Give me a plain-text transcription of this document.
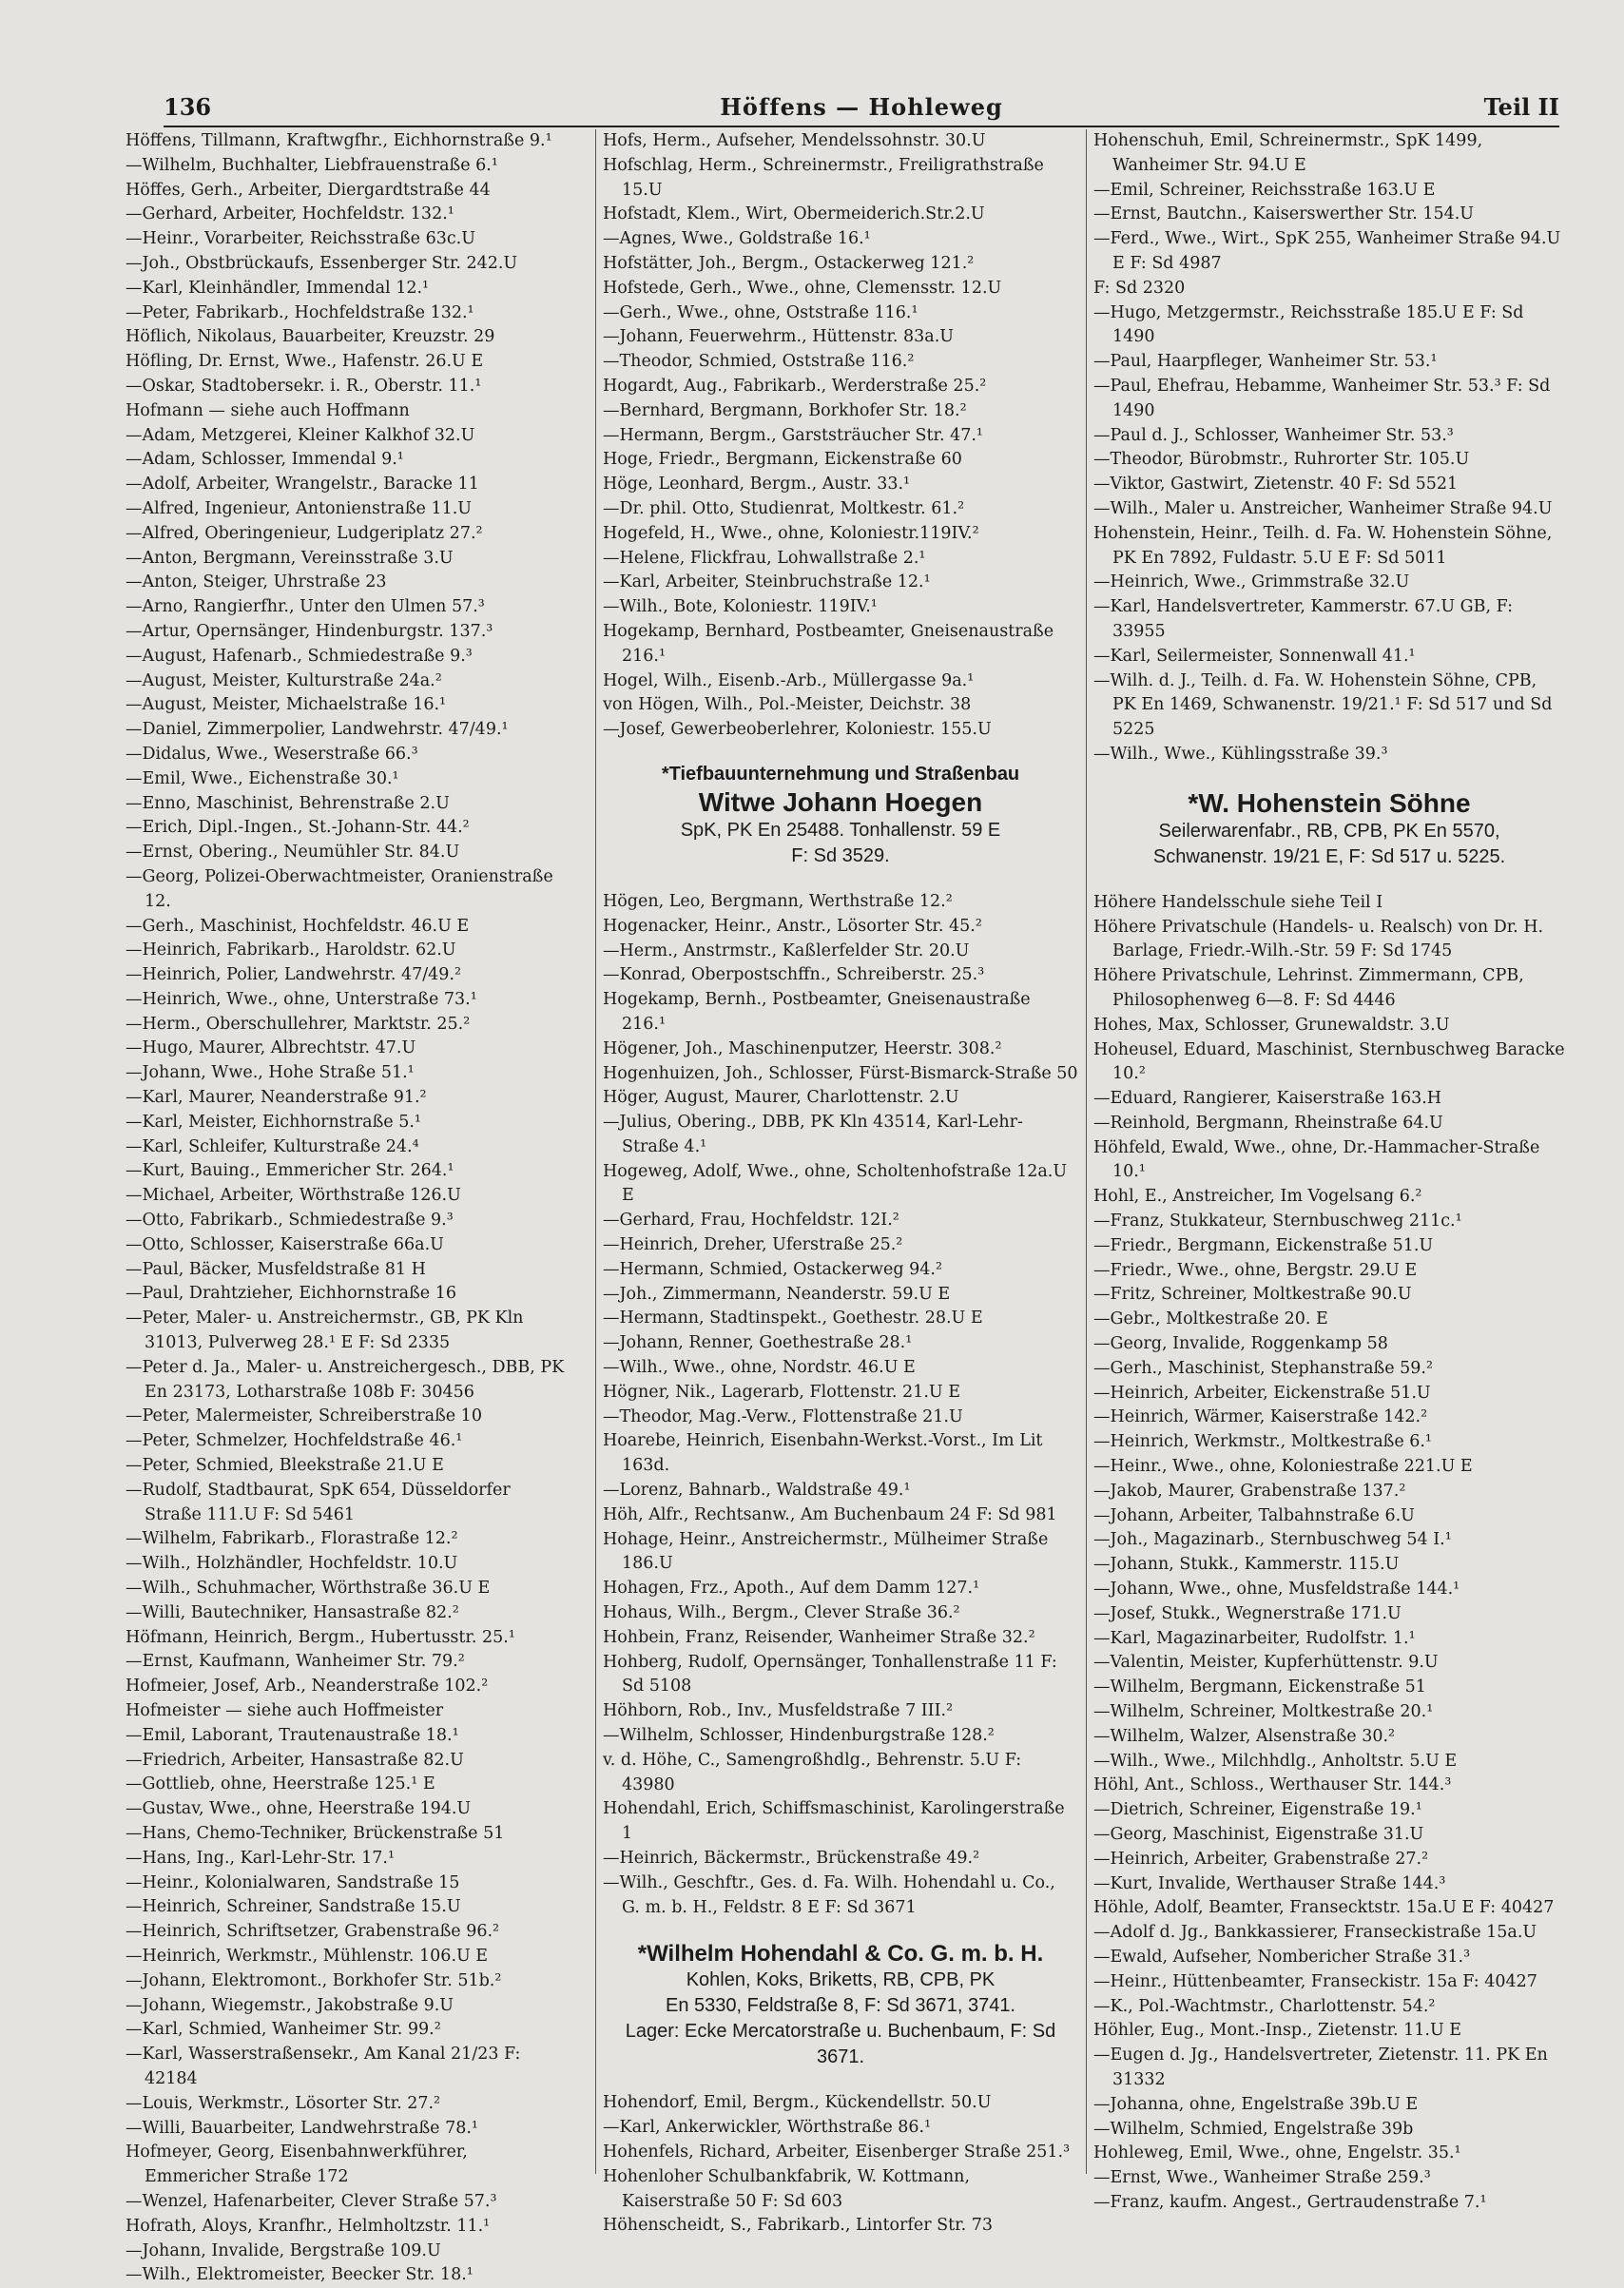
136	Höffens — Hohleweg	Teil II

Höffens, Tillmann, Kraftwgfhr., Eichhornstraße 9.¹

—Wilhelm, Buchhalter, Liebfrauenstraße 6.¹

Höffes, Gerh., Arbeiter, Diergardtstraße 44

—Gerhard, Arbeiter, Hochfeldstr. 132.¹

—Heinr., Vorarbeiter, Reichsstraße 63c.U

—Joh., Obstbrückaufs, Essenberger Str. 242.U

—Karl, Kleinhändler, Immendal 12.¹

—Peter, Fabrikarb., Hochfeldstraße 132.¹

Höflich, Nikolaus, Bauarbeiter, Kreuzstr. 29

Höfling, Dr. Ernst, Wwe., Hafenstr. 26.U E

—Oskar, Stadtobersekr. i. R., Oberstr. 11.¹

Hofmann — siehe auch Hoffmann

—Adam, Metzgerei, Kleiner Kalkhof 32.U

—Adam, Schlosser, Immendal 9.¹

—Adolf, Arbeiter, Wrangelstr., Baracke 11

—Alfred, Ingenieur, Antonienstraße 11.U

—Alfred, Oberingenieur, Ludgeriplatz 27.²

—Anton, Bergmann, Vereinsstraße 3.U

—Anton, Steiger, Uhrstraße 23

—Arno, Rangierfhr., Unter den Ulmen 57.³

—Artur, Opernsänger, Hindenburgstr. 137.³

—August, Hafenarb., Schmiedestraße 9.³

—August, Meister, Kulturstraße 24a.²

—August, Meister, Michaelstraße 16.¹

—Daniel, Zimmerpolier, Landwehrstr. 47/49.¹

—Didalus, Wwe., Weserstraße 66.³

—Emil, Wwe., Eichenstraße 30.¹

—Enno, Maschinist, Behrenstraße 2.U

—Erich, Dipl.-Ingen., St.-Johann-Str. 44.²

—Ernst, Obering., Neumühler Str. 84.U

—Georg, Polizei-Oberwachtmeister, Oranienstraße 12.

—Gerh., Maschinist, Hochfeldstr. 46.U E

—Heinrich, Fabrikarb., Haroldstr. 62.U

—Heinrich, Polier, Landwehrstr. 47/49.²

—Heinrich, Wwe., ohne, Unterstraße 73.¹

—Herm., Oberschullehrer, Marktstr. 25.²

—Hugo, Maurer, Albrechtstr. 47.U

—Johann, Wwe., Hohe Straße 51.¹

—Karl, Maurer, Neanderstraße 91.²

—Karl, Meister, Eichhornstraße 5.¹

—Karl, Schleifer, Kulturstraße 24.⁴

—Kurt, Bauing., Emmericher Str. 264.¹

—Michael, Arbeiter, Wörthstraße 126.U

—Otto, Fabrikarb., Schmiedestraße 9.³

—Otto, Schlosser, Kaiserstraße 66a.U

—Paul, Bäcker, Musfeldstraße 81 H

—Paul, Drahtzieher, Eichhornstraße 16

—Peter, Maler- u. Anstreichermstr., GB, PK Kln 31013, Pulverweg 28.¹ E F: Sd 2335

—Peter d. Ja., Maler- u. Anstreichergesch., DBB, PK En 23173, Lotharstraße 108b F: 30456

—Peter, Malermeister, Schreiberstraße 10

—Peter, Schmelzer, Hochfeldstraße 46.¹

—Peter, Schmied, Bleekstraße 21.U E

—Rudolf, Stadtbaurat, SpK 654, Düsseldorfer Straße 111.U F: Sd 5461

—Wilhelm, Fabrikarb., Florastraße 12.²

—Wilh., Holzhändler, Hochfeldstr. 10.U

—Wilh., Schuhmacher, Wörthstraße 36.U E

—Willi, Bautechniker, Hansastraße 82.²

Höfmann, Heinrich, Bergm., Hubertusstr. 25.¹

—Ernst, Kaufmann, Wanheimer Str. 79.²

Hofmeier, Josef, Arb., Neanderstraße 102.²

Hofmeister — siehe auch Hoffmeister

—Emil, Laborant, Trautenaustraße 18.¹

—Friedrich, Arbeiter, Hansastraße 82.U

—Gottlieb, ohne, Heerstraße 125.¹ E

—Gustav, Wwe., ohne, Heerstraße 194.U

—Hans, Chemo-Techniker, Brückenstraße 51

—Hans, Ing., Karl-Lehr-Str. 17.¹

—Heinr., Kolonialwaren, Sandstraße 15

—Heinrich, Schreiner, Sandstraße 15.U

—Heinrich, Schriftsetzer, Grabenstraße 96.²

—Heinrich, Werkmstr., Mühlenstr. 106.U E

—Johann, Elektromont., Borkhofer Str. 51b.²

—Johann, Wiegemstr., Jakobstraße 9.U

—Karl, Schmied, Wanheimer Str. 99.²

—Karl, Wasserstraßensekr., Am Kanal 21/23 F: 42184

—Louis, Werkmstr., Lösorter Str. 27.²

—Willi, Bauarbeiter, Landwehrstraße 78.¹

Hofmeyer, Georg, Eisenbahnwerkführer, Emmericher Straße 172

—Wenzel, Hafenarbeiter, Clever Straße 57.³

Hofrath, Aloys, Kranfhr., Helmholtzstr. 11.¹

—Johann, Invalide, Bergstraße 109.U

—Wilh., Elektromeister, Beecker Str. 18.¹

Hofs, Herm., Aufseher, Mendelssohnstr. 30.U

Hofschlag, Herm., Schreinermstr., Freiligrathstraße 15.U

Hofstadt, Klem., Wirt, Obermeiderich.Str.2.U

—Agnes, Wwe., Goldstraße 16.¹

Hofstätter, Joh., Bergm., Ostackerweg 121.²

Hofstede, Gerh., Wwe., ohne, Clemensstr. 12.U

—Gerh., Wwe., ohne, Oststraße 116.¹

—Johann, Feuerwehrm., Hüttenstr. 83a.U

—Theodor, Schmied, Oststraße 116.²

Hogardt, Aug., Fabrikarb., Werderstraße 25.²

—Bernhard, Bergmann, Borkhofer Str. 18.²

—Hermann, Bergm., Garststräucher Str. 47.¹

Hoge, Friedr., Bergmann, Eickenstraße 60

Höge, Leonhard, Bergm., Austr. 33.¹

—Dr. phil. Otto, Studienrat, Moltkestr. 61.²

Hogefeld, H., Wwe., ohne, Koloniestr.119IV.²

—Helene, Flickfrau, Lohwallstraße 2.¹

—Karl, Arbeiter, Steinbruchstraße 12.¹

—Wilh., Bote, Koloniestr. 119IV.¹

Hogekamp, Bernhard, Postbeamter, Gneisenaustraße 216.¹

Hogel, Wilh., Eisenb.-Arb., Müllergasse 9a.¹

von Högen, Wilh., Pol.-Meister, Deichstr. 38

—Josef, Gewerbeoberlehrer, Koloniestr. 155.U

*Tiefbauunternehmung und Straßenbau
Witwe Johann Hoegen
SpK, PK En 25488. Tonhallenstr. 59 E
F: Sd 3529.

Högen, Leo, Bergmann, Werthstraße 12.²

Hogenacker, Heinr., Anstr., Lösorter Str. 45.²

—Herm., Anstrmstr., Kaßlerfelder Str. 20.U

—Konrad, Oberpostschffn., Schreiberstr. 25.³

Hogekamp, Bernh., Postbeamter, Gneisenaustraße 216.¹

Högener, Joh., Maschinenputzer, Heerstr. 308.²

Hogenhuizen, Joh., Schlosser, Fürst-Bismarck-Straße 50

Höger, August, Maurer, Charlottenstr. 2.U

—Julius, Obering., DBB, PK Kln 43514, Karl-Lehr-Straße 4.¹

Hogeweg, Adolf, Wwe., ohne, Scholtenhofstraße 12a.U E

—Gerhard, Frau, Hochfeldstr. 12I.²

—Heinrich, Dreher, Uferstraße 25.²

—Hermann, Schmied, Ostackerweg 94.²

—Joh., Zimmermann, Neanderstr. 59.U E

—Hermann, Stadtinspekt., Goethestr. 28.U E

—Johann, Renner, Goethestraße 28.¹

—Wilh., Wwe., ohne, Nordstr. 46.U E

Högner, Nik., Lagerarb, Flottenstr. 21.U E

—Theodor, Mag.-Verw., Flottenstraße 21.U

Hoarebe, Heinrich, Eisenbahn-Werkst.-Vorst., Im Lit 163d.

—Lorenz, Bahnarb., Waldstraße 49.¹

Höh, Alfr., Rechtsanw., Am Buchenbaum 24 F: Sd 981

Hohage, Heinr., Anstreichermstr., Mülheimer Straße 186.U

Hohagen, Frz., Apoth., Auf dem Damm 127.¹

Hohaus, Wilh., Bergm., Clever Straße 36.²

Hohbein, Franz, Reisender, Wanheimer Straße 32.²

Hohberg, Rudolf, Opernsänger, Tonhallenstraße 11 F: Sd 5108

Höhborn, Rob., Inv., Musfeldstraße 7 III.²

—Wilhelm, Schlosser, Hindenburgstraße 128.²

v. d. Höhe, C., Samengroßhdlg., Behrenstr. 5.U F: 43980

Hohendahl, Erich, Schiffsmaschinist, Karolingerstraße 1

—Heinrich, Bäckermstr., Brückenstraße 49.²

—Wilh., Geschftr., Ges. d. Fa. Wilh. Hohendahl u. Co., G. m. b. H., Feldstr. 8 E F: Sd 3671

*Wilhelm Hohendahl & Co. G. m. b. H.
Kohlen, Koks, Briketts, RB, CPB, PK
En 5330, Feldstraße 8, F: Sd 3671, 3741.
Lager: Ecke Mercatorstraße u. Buchenbaum, F: Sd 3671.

Hohendorf, Emil, Bergm., Kückendellstr. 50.U

—Karl, Ankerwickler, Wörthstraße 86.¹

Hohenfels, Richard, Arbeiter, Eisenberger Straße 251.³

Hohenloher Schulbankfabrik, W. Kottmann, Kaiserstraße 50 F: Sd 603

Höhenscheidt, S., Fabrikarb., Lintorfer Str. 73

Hohenschuh, Emil, Schreinermstr., SpK 1499, Wanheimer Str. 94.U E

—Emil, Schreiner, Reichsstraße 163.U E

—Ernst, Bautchn., Kaiserswerther Str. 154.U

—Ferd., Wwe., Wirt., SpK 255, Wanheimer Straße 94.U E F: Sd 4987

F: Sd 2320

—Hugo, Metzgermstr., Reichsstraße 185.U E F: Sd 1490

—Paul, Haarpfleger, Wanheimer Str. 53.¹

—Paul, Ehefrau, Hebamme, Wanheimer Str. 53.³ F: Sd 1490

—Paul d. J., Schlosser, Wanheimer Str. 53.³

—Theodor, Bürobmstr., Ruhrorter Str. 105.U

—Viktor, Gastwirt, Zietenstr. 40 F: Sd 5521

—Wilh., Maler u. Anstreicher, Wanheimer Straße 94.U

Hohenstein, Heinr., Teilh. d. Fa. W. Hohenstein Söhne, PK En 7892, Fuldastr. 5.U E F: Sd 5011

—Heinrich, Wwe., Grimmstraße 32.U

—Karl, Handelsvertreter, Kammerstr. 67.U GB, F: 33955

—Karl, Seilermeister, Sonnenwall 41.¹

—Wilh. d. J., Teilh. d. Fa. W. Hohenstein Söhne, CPB, PK En 1469, Schwanenstr. 19/21.¹ F: Sd 517 und Sd 5225

—Wilh., Wwe., Kühlingsstraße 39.³

*W. Hohenstein Söhne
Seilerwarenfabr., RB, CPB, PK En 5570,
Schwanenstr. 19/21 E, F: Sd 517 u. 5225.

Höhere Handelsschule siehe Teil I

Höhere Privatschule (Handels- u. Realsch) von Dr. H. Barlage, Friedr.-Wilh.-Str. 59 F: Sd 1745

Höhere Privatschule, Lehrinst. Zimmermann, CPB, Philosophenweg 6—8. F: Sd 4446

Hohes, Max, Schlosser, Grunewaldstr. 3.U

Hoheusel, Eduard, Maschinist, Sternbuschweg Baracke 10.²

—Eduard, Rangierer, Kaiserstraße 163.H

—Reinhold, Bergmann, Rheinstraße 64.U

Höhfeld, Ewald, Wwe., ohne, Dr.-Hammacher-Straße 10.¹

Hohl, E., Anstreicher, Im Vogelsang 6.²

—Franz, Stukkateur, Sternbuschweg 211c.¹

—Friedr., Bergmann, Eickenstraße 51.U

—Friedr., Wwe., ohne, Bergstr. 29.U E

—Fritz, Schreiner, Moltkestraße 90.U

—Gebr., Moltkestraße 20. E

—Georg, Invalide, Roggenkamp 58

—Gerh., Maschinist, Stephanstraße 59.²

—Heinrich, Arbeiter, Eickenstraße 51.U

—Heinrich, Wärmer, Kaiserstraße 142.²

—Heinrich, Werkmstr., Moltkestraße 6.¹

—Heinr., Wwe., ohne, Koloniestraße 221.U E

—Jakob, Maurer, Grabenstraße 137.²

—Johann, Arbeiter, Talbahnstraße 6.U

—Joh., Magazinarb., Sternbuschweg 54 I.¹

—Johann, Stukk., Kammerstr. 115.U

—Johann, Wwe., ohne, Musfeldstraße 144.¹

—Josef, Stukk., Wegnerstraße 171.U

—Karl, Magazinarbeiter, Rudolfstr. 1.¹

—Valentin, Meister, Kupferhüttenstr. 9.U

—Wilhelm, Bergmann, Eickenstraße 51

—Wilhelm, Schreiner, Moltkestraße 20.¹

—Wilhelm, Walzer, Alsenstraße 30.²

—Wilh., Wwe., Milchhdlg., Anholtstr. 5.U E

Höhl, Ant., Schloss., Werthauser Str. 144.³

—Dietrich, Schreiner, Eigenstraße 19.¹

—Georg, Maschinist, Eigenstraße 31.U

—Heinrich, Arbeiter, Grabenstraße 27.²

—Kurt, Invalide, Werthauser Straße 144.³

Höhle, Adolf, Beamter, Fransecktstr. 15a.U E F: 40427

—Adolf d. Jg., Bankkassierer, Franseckistraße 15a.U

—Ewald, Aufseher, Nombericher Straße 31.³

—Heinr., Hüttenbeamter, Franseckistr. 15a F: 40427

—K., Pol.-Wachtmstr., Charlottenstr. 54.²

Höhler, Eug., Mont.-Insp., Zietenstr. 11.U E

—Eugen d. Jg., Handelsvertreter, Zietenstr. 11. PK En 31332

—Johanna, ohne, Engelstraße 39b.U E

—Wilhelm, Schmied, Engelstraße 39b

Hohleweg, Emil, Wwe., ohne, Engelstr. 35.¹

—Ernst, Wwe., Wanheimer Straße 259.³

—Franz, kaufm. Angest., Gertraudenstraße 7.¹
